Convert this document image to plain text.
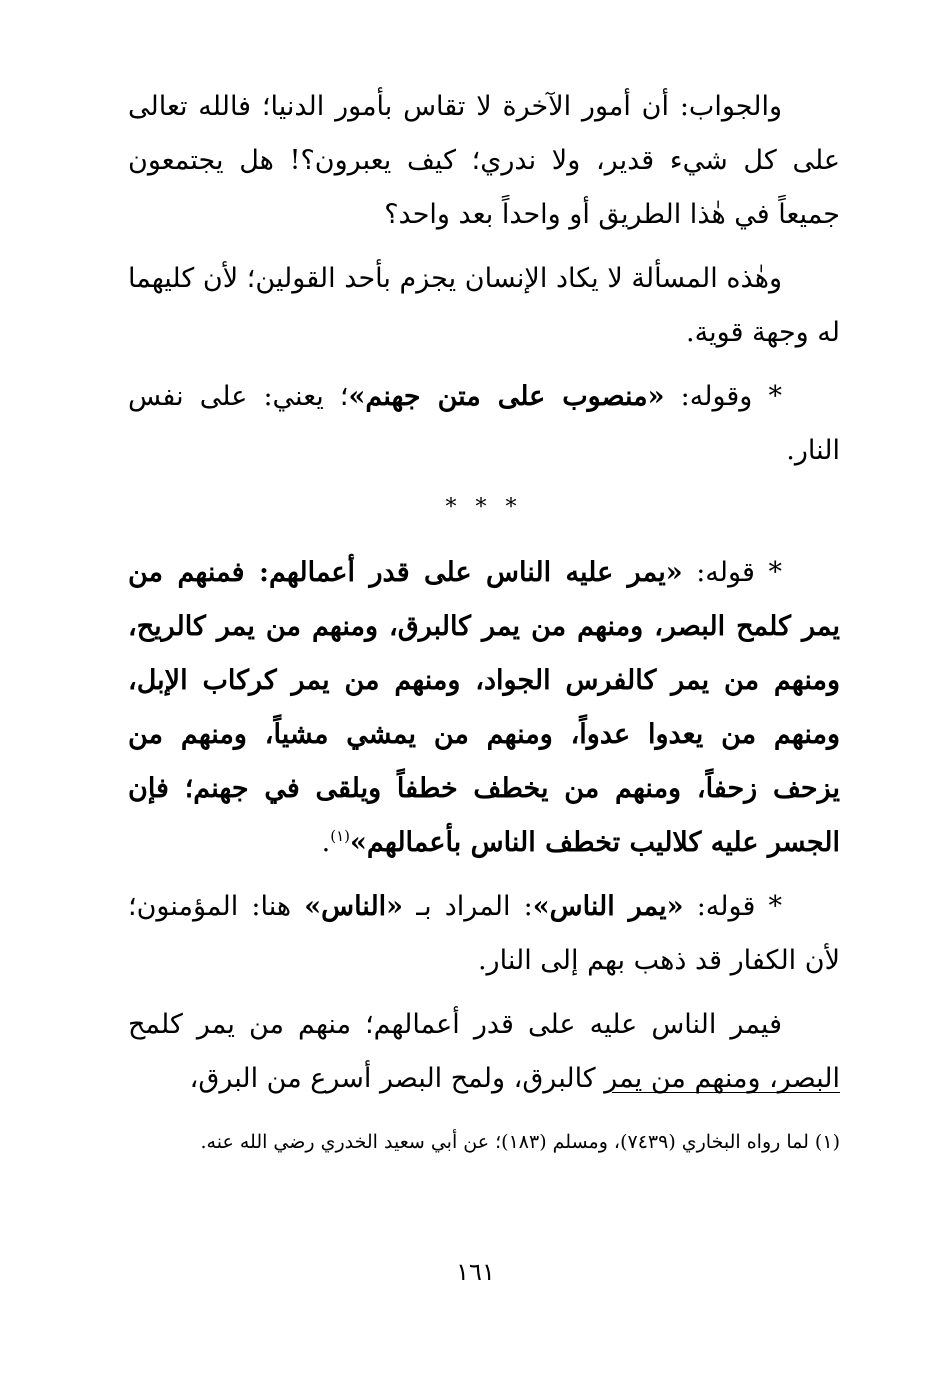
والجواب: أن أمور الآخرة لا تقاس بأمور الدنيا؛ فالله تعالى على كل شيء قدير، ولا ندري؛ كيف يعبرون؟! هل يجتمعون جميعاً في هٰذا الطريق أو واحداً بعد واحد؟

وهٰذه المسألة لا يكاد الإنسان يجزم بأحد القولين؛ لأن كليهما له وجهة قوية.

* وقوله: «منصوب على متن جهنم»؛ يعني: على نفس النار.

* * *

* قوله: «يمر عليه الناس على قدر أعمالهم: فمنهم من يمر كلمح البصر، ومنهم من يمر كالبرق، ومنهم من يمر كالريح، ومنهم من يمر كالفرس الجواد، ومنهم من يمر كركاب الإبل، ومنهم من يعدوا عدواً، ومنهم من يمشي مشياً، ومنهم من يزحف زحفاً، ومنهم من يخطف خطفاً ويلقى في جهنم؛ فإن الجسر عليه كلاليب تخطف الناس بأعمالهم»$^{(١)}$.

* قوله: «يمر الناس»: المراد بـ «الناس» هنا: المؤمنون؛ لأن الكفار قد ذهب بهم إلى النار.

فيمر الناس عليه على قدر أعمالهم؛ منهم من يمر كلمح البصر، ومنهم من يمر كالبرق، ولمح البصر أسرع من البرق،

(١) لما رواه البخاري (٧٤٣٩)، ومسلم (١٨٣)؛ عن أبي سعيد الخدري رضي الله عنه.
١٦١
